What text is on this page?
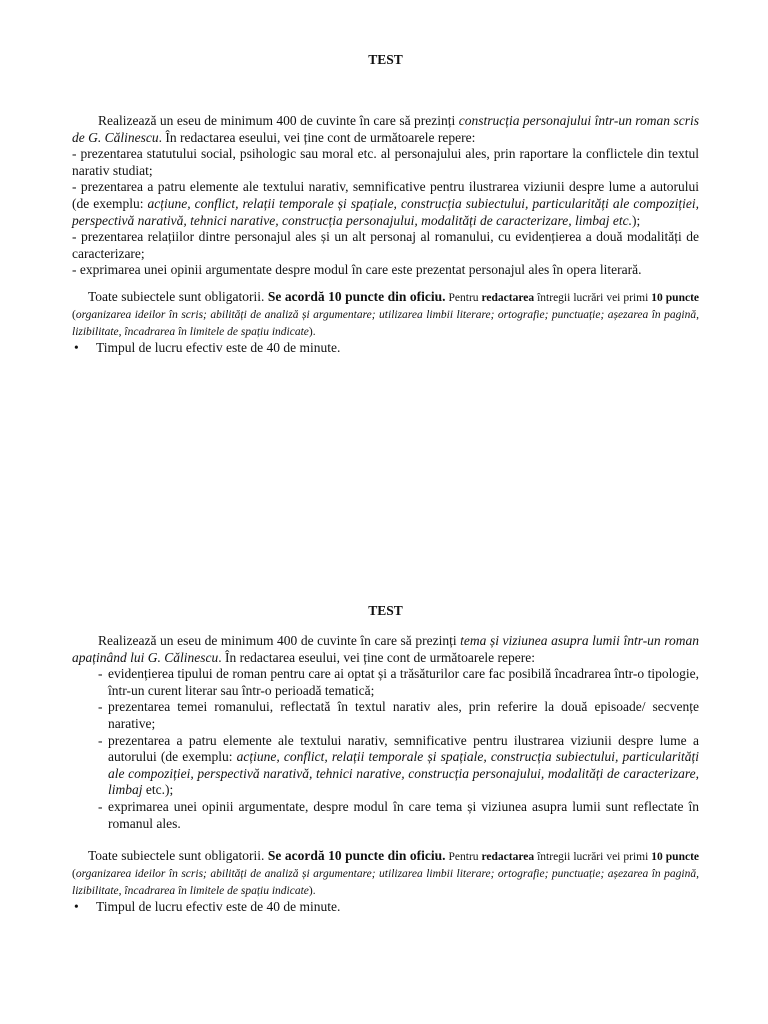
TEST

Realizează un eseu de minimum 400 de cuvinte în care să prezinți construcția personajului într-un roman scris de G. Călinescu. În redactarea eseului, vei ține cont de următoarele repere:

- prezentarea statutului social, psihologic sau moral etc. al personajului ales, prin raportare la conflictele din textul narativ studiat;

- prezentarea a patru elemente ale textului narativ, semnificative pentru ilustrarea viziunii despre lume a autorului (de exemplu: acțiune, conflict, relații temporale și spațiale, construcția subiectului, particularități ale compoziției, perspectivă narativă, tehnici narative, construcția personajului, modalități de caracterizare, limbaj etc.);

- prezentarea relațiilor dintre personajul ales și un alt personaj al romanului, cu evidențierea a două modalități de caracterizare;

- exprimarea unei opinii argumentate despre modul în care este prezentat personajul ales în opera literară.

Toate subiectele sunt obligatorii. Se acordă 10 puncte din oficiu. Pentru redactarea întregii lucrări vei primi 10 puncte (organizarea ideilor în scris; abilități de analiză și argumentare; utilizarea limbii literare; ortografie; punctuație; așezarea în pagină, lizibilitate, încadrarea în limitele de spațiu indicate).

• Timpul de lucru efectiv este de 40 de minute.

TEST

Realizează un eseu de minimum 400 de cuvinte în care să prezinți tema și viziunea asupra lumii într-un roman apaținând lui G. Călinescu. În redactarea eseului, vei ține cont de următoarele repere:

- evidențierea tipului de roman pentru care ai optat și a trăsăturilor care fac posibilă încadrarea într-o tipologie, într-un curent literar sau într-o perioadă tematică;
- prezentarea temei romanului, reflectată în textul narativ ales, prin referire la două episoade/ secvențe narative;
- prezentarea a patru elemente ale textului narativ, semnificative pentru ilustrarea viziunii despre lume a autorului (de exemplu: acțiune, conflict, relații temporale și spațiale, construcția subiectului, particularități ale compoziției, perspectivă narativă, tehnici narative, construcția personajului, modalități de caracterizare, limbaj etc.);
- exprimarea unei opinii argumentate, despre modul în care tema și viziunea asupra lumii sunt reflectate în romanul ales.

Toate subiectele sunt obligatorii. Se acordă 10 puncte din oficiu. Pentru redactarea întregii lucrări vei primi 10 puncte (organizarea ideilor în scris; abilități de analiză și argumentare; utilizarea limbii literare; ortografie; punctuație; așezarea în pagină, lizibilitate, încadrarea în limitele de spațiu indicate).

• Timpul de lucru efectiv este de 40 de minute.
